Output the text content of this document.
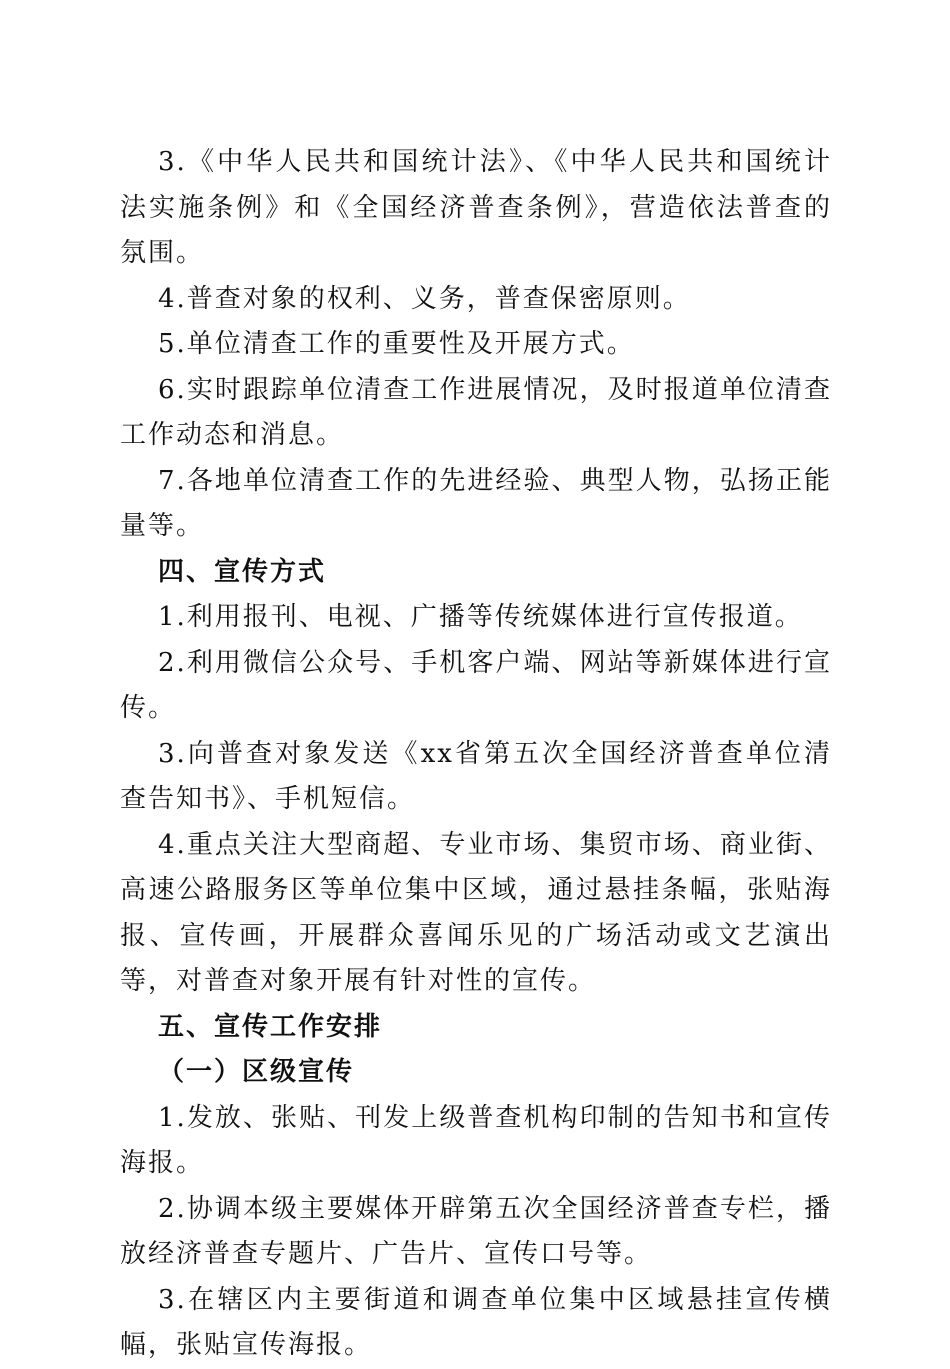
3.《中华人民共和国统计法》、《中华人民共和国统计法实施条例》和《全国经济普查条例》，营造依法普查的氛围。

4.普查对象的权利、义务，普查保密原则。

5.单位清查工作的重要性及开展方式。

6.实时跟踪单位清查工作进展情况，及时报道单位清查工作动态和消息。

7.各地单位清查工作的先进经验、典型人物，弘扬正能量等。

四、宣传方式

1.利用报刊、电视、广播等传统媒体进行宣传报道。

2.利用微信公众号、手机客户端、网站等新媒体进行宣传。

3.向普查对象发送《xx省第五次全国经济普查单位清查告知书》、手机短信。

4.重点关注大型商超、专业市场、集贸市场、商业街、高速公路服务区等单位集中区域，通过悬挂条幅，张贴海报、宣传画，开展群众喜闻乐见的广场活动或文艺演出等，对普查对象开展有针对性的宣传。

五、宣传工作安排

（一）区级宣传

1.发放、张贴、刊发上级普查机构印制的告知书和宣传海报。

2.协调本级主要媒体开辟第五次全国经济普查专栏，播放经济普查专题片、广告片、宣传口号等。

3.在辖区内主要街道和调查单位集中区域悬挂宣传横幅，张贴宣传海报。
